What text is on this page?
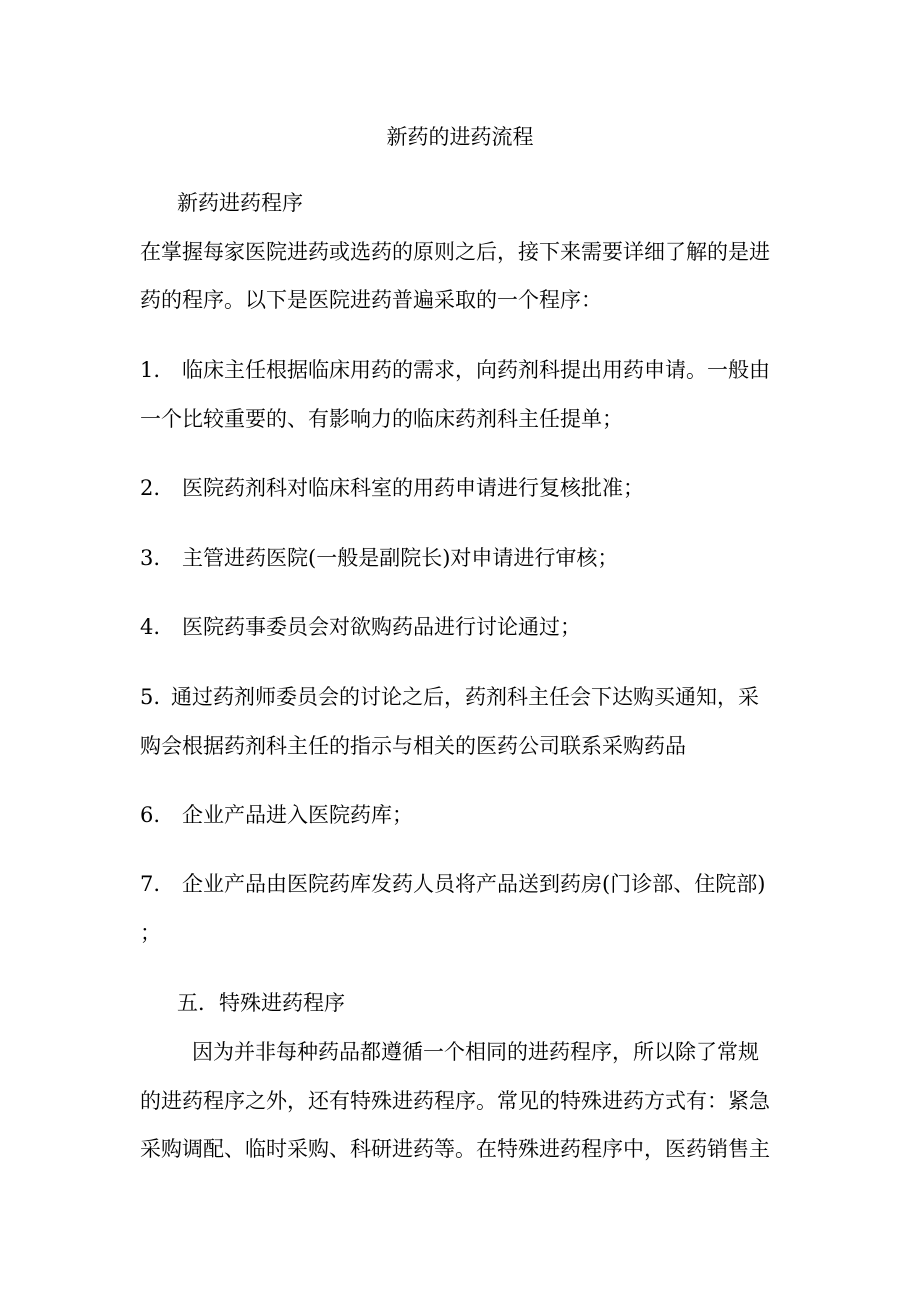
新药的进药流程
新药进药程序
在掌握每家医院进药或选药的原则之后，接下来需要详细了解的是进
药的程序。以下是医院进药普遍采取的一个程序：
1. 临床主任根据临床用药的需求，向药剂科提出用药申请。一般由
一个比较重要的、有影响力的临床药剂科主任提单；
2. 医院药剂科对临床科室的用药申请进行复核批准；
3. 主管进药医院(一般是副院长)对申请进行审核；
4. 医院药事委员会对欲购药品进行讨论通过；
5. 通过药剂师委员会的讨论之后，药剂科主任会下达购买通知，采
购会根据药剂科主任的指示与相关的医药公司联系采购药品
6. 企业产品进入医院药库；
7. 企业产品由医院药库发药人员将产品送到药房(门诊部、住院部)
；
五．特殊进药程序
因为并非每种药品都遵循一个相同的进药程序，所以除了常规
的进药程序之外，还有特殊进药程序。常见的特殊进药方式有：紧急
采购调配、临时采购、科研进药等。在特殊进药程序中，医药销售主
